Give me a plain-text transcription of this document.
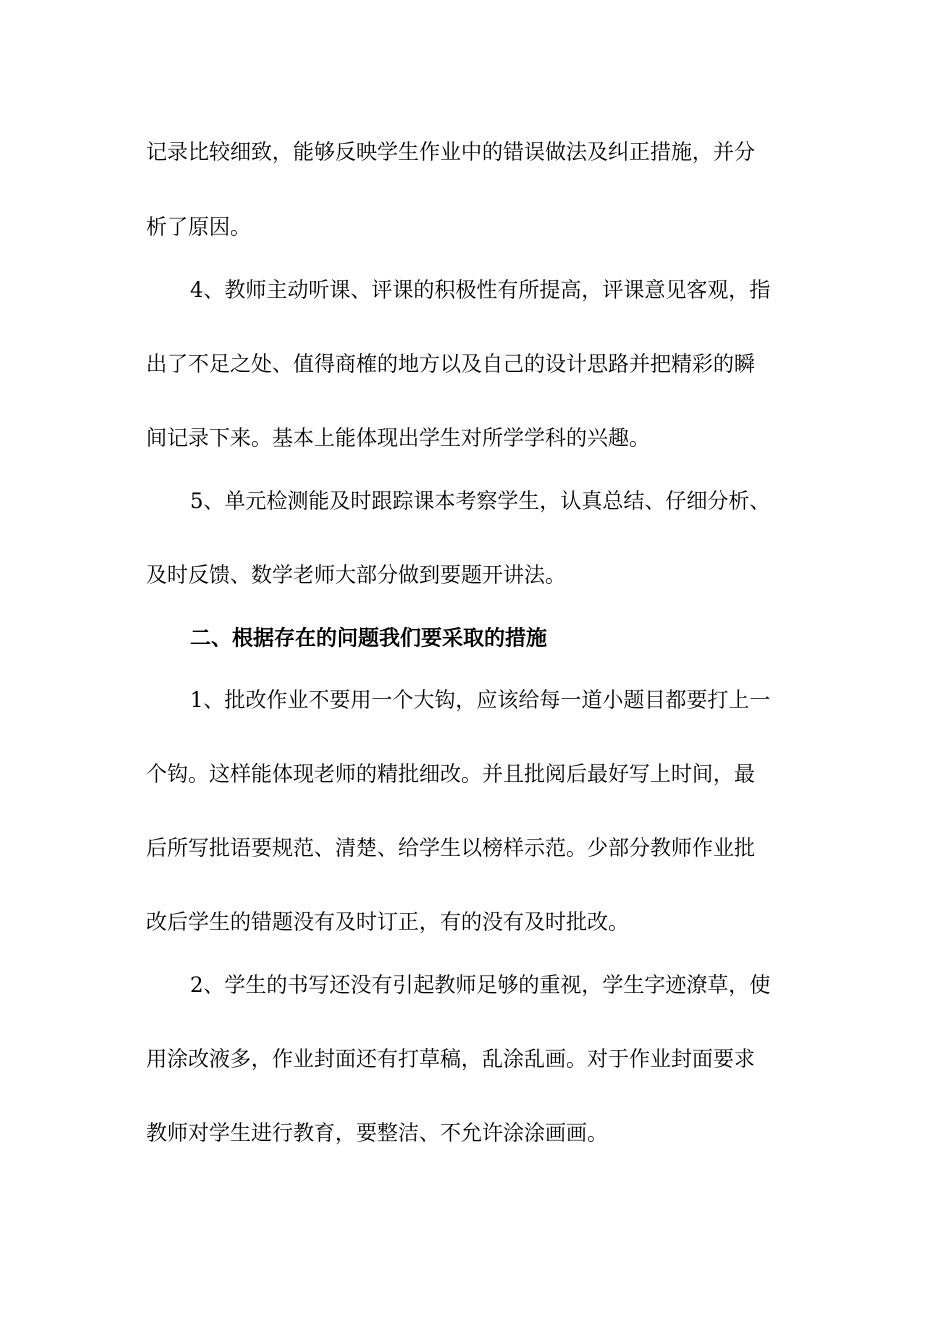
记录比较细致，能够反映学生作业中的错误做法及纠正措施，并分
析了原因。
4、教师主动听课、评课的积极性有所提高，评课意见客观，指
出了不足之处、值得商榷的地方以及自己的设计思路并把精彩的瞬
间记录下来。基本上能体现出学生对所学学科的兴趣。
5、单元检测能及时跟踪课本考察学生，认真总结、仔细分析、
及时反馈、数学老师大部分做到要题开讲法。
二、根据存在的问题我们要采取的措施
1、批改作业不要用一个大钩，应该给每一道小题目都要打上一
个钩。这样能体现老师的精批细改。并且批阅后最好写上时间，最
后所写批语要规范、清楚、给学生以榜样示范。少部分教师作业批
改后学生的错题没有及时订正，有的没有及时批改。
2、学生的书写还没有引起教师足够的重视，学生字迹潦草，使
用涂改液多，作业封面还有打草稿，乱涂乱画。对于作业封面要求
教师对学生进行教育，要整洁、不允许涂涂画画。
